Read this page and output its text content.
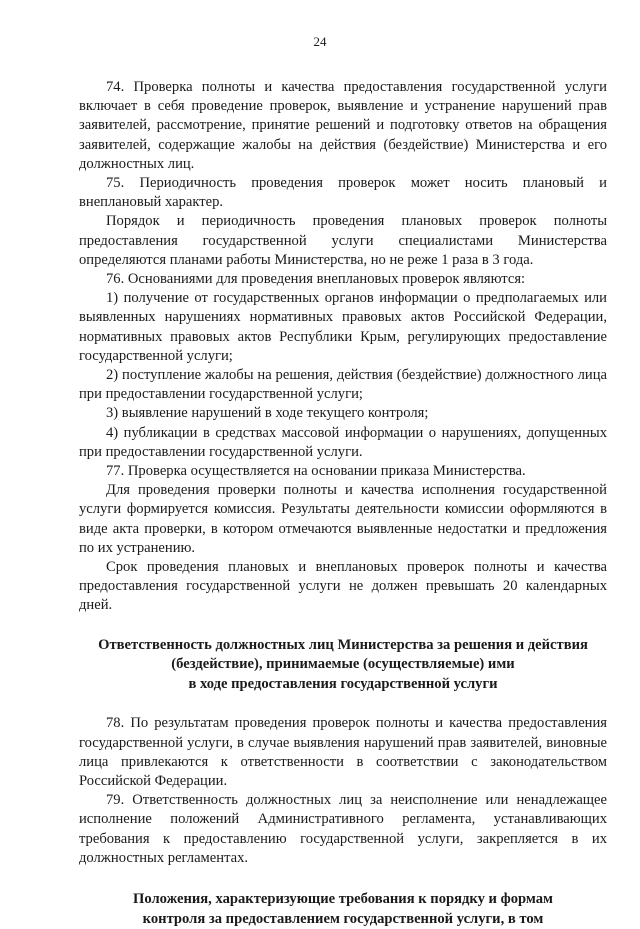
24

74. Проверка полноты и качества предоставления государственной услуги включает в себя проведение проверок, выявление и устранение нарушений прав заявителей, рассмотрение, принятие решений и подготовку ответов на обращения заявителей, содержащие жалобы на действия (бездействие) Министерства и его должностных лиц.

75. Периодичность проведения проверок может носить плановый и внеплановый характер.

Порядок и периодичность проведения плановых проверок полноты предоставления государственной услуги специалистами Министерства определяются планами работы Министерства, но не реже 1 раза в 3 года.

76. Основаниями для проведения внеплановых проверок являются:

1) получение от государственных органов информации о предполагаемых или выявленных нарушениях нормативных правовых актов Российской Федерации, нормативных правовых актов Республики Крым, регулирующих предоставление государственной услуги;

2) поступление жалобы на решения, действия (бездействие) должностного лица при предоставлении государственной услуги;

3) выявление нарушений в ходе текущего контроля;

4) публикации в средствах массовой информации о нарушениях, допущенных при предоставлении государственной услуги.

77. Проверка осуществляется на основании приказа Министерства.

Для проведения проверки полноты и качества исполнения государственной услуги формируется комиссия. Результаты деятельности комиссии оформляются в виде акта проверки, в котором отмечаются выявленные недостатки и предложения по их устранению.

Срок проведения плановых и внеплановых проверок полноты и качества предоставления государственной услуги не должен превышать 20 календарных дней.

Ответственность должностных лиц Министерства за решения и действия

(бездействие), принимаемые (осуществляемые) ими

в ходе предоставления государственной услуги

78. По результатам проведения проверок полноты и качества предоставления государственной услуги, в случае выявления нарушений прав заявителей, виновные лица привлекаются к ответственности в соответствии с законодательством Российской Федерации.

79. Ответственность должностных лиц за неисполнение или ненадлежащее исполнение положений Административного регламента, устанавливающих требования к предоставлению государственной услуги, закрепляется в их должностных регламентах.

Положения, характеризующие требования к порядку и формам

контроля за предоставлением государственной услуги, в том
